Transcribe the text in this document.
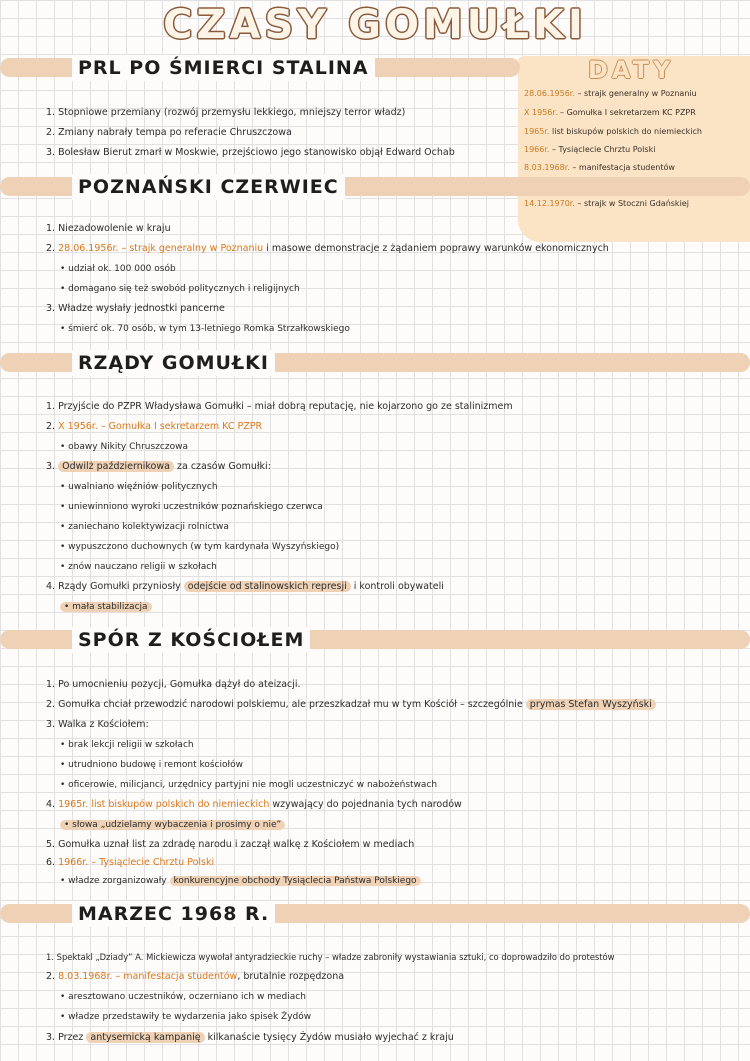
CZASY GOMUŁKI
DATY
28.06.1956r. – strajk generalny w Poznaniu
X 1956r. – Gomułka I sekretarzem KC PZPR
1965r. list biskupów polskich do niemieckich
1966r. – Tysiąclecie Chrztu Polski
8.03.1968r. – manifestacja studentów
14.12.1970r. – strajk w Stoczni Gdańskiej
PRL PO ŚMIERCI STALINA
1. Stopniowe przemiany (rozwój przemysłu lekkiego, mniejszy terror władz)
2. Zmiany nabrały tempa po referacie Chruszczowa
3. Bolesław Bierut zmarł w Moskwie, przejściowo jego stanowisko objął Edward Ochab
POZNAŃSKI CZERWIEC
1. Niezadowolenie w kraju
2. 28.06.1956r. – strajk generalny w Poznaniu i masowe demonstracje z żądaniem poprawy warunków ekonomicznych
• udział ok. 100 000 osób
• domagano się też swobód politycznych i religijnych
3. Władze wysłały jednostki pancerne
• śmierć ok. 70 osób, w tym 13-letniego Romka Strzałkowskiego
RZĄDY GOMUŁKI
1. Przyjście do PZPR Władysława Gomułki – miał dobrą reputację, nie kojarzono go ze stalinizmem
2. X 1956r. – Gomułka I sekretarzem KC PZPR
• obawy Nikity Chruszczowa
3. Odwilż październikowa za czasów Gomułki:
• uwalniano więźniów politycznych
• uniewinniono wyroki uczestników poznańskiego czerwca
• zaniechano kolektywizacji rolnictwa
• wypuszczono duchownych (w tym kardynała Wyszyńskiego)
• znów nauczano religii w szkołach
4. Rządy Gomułki przyniosły odejście od stalinowskich represji i kontroli obywateli
• mała stabilizacja
SPÓR Z KOŚCIOŁEM
1. Po umocnieniu pozycji, Gomułka dążył do ateizacji.
2. Gomułka chciał przewodzić narodowi polskiemu, ale przeszkadzał mu w tym Kościół – szczególnie prymas Stefan Wyszyński
3. Walka z Kościołem:
• brak lekcji religii w szkołach
• utrudniono budowę i remont kościołów
• oficerowie, milicjanci, urzędnicy partyjni nie mogli uczestniczyć w nabożeństwach
4. 1965r. list biskupów polskich do niemieckich wzywający do pojednania tych narodów
• słowa „udzielamy wybaczenia i prosimy o nie”
5. Gomułka uznał list za zdradę narodu i zaczął walkę z Kościołem w mediach
6. 1966r. – Tysiąclecie Chrztu Polski
• władze zorganizowały konkurencyjne obchody Tysiąclecia Państwa Polskiego
MARZEC 1968 R.
1. Spektakl „Dziady” A. Mickiewicza wywołał antyradzieckie ruchy – władze zabroniły wystawiania sztuki, co doprowadziło do protestów
2. 8.03.1968r. – manifestacja studentów, brutalnie rozpędzona
• aresztowano uczestników, oczerniano ich w mediach
• władze przedstawiły te wydarzenia jako spisek Żydów
3. Przez antysemicką kampanię kilkanaście tysięcy Żydów musiało wyjechać z kraju
